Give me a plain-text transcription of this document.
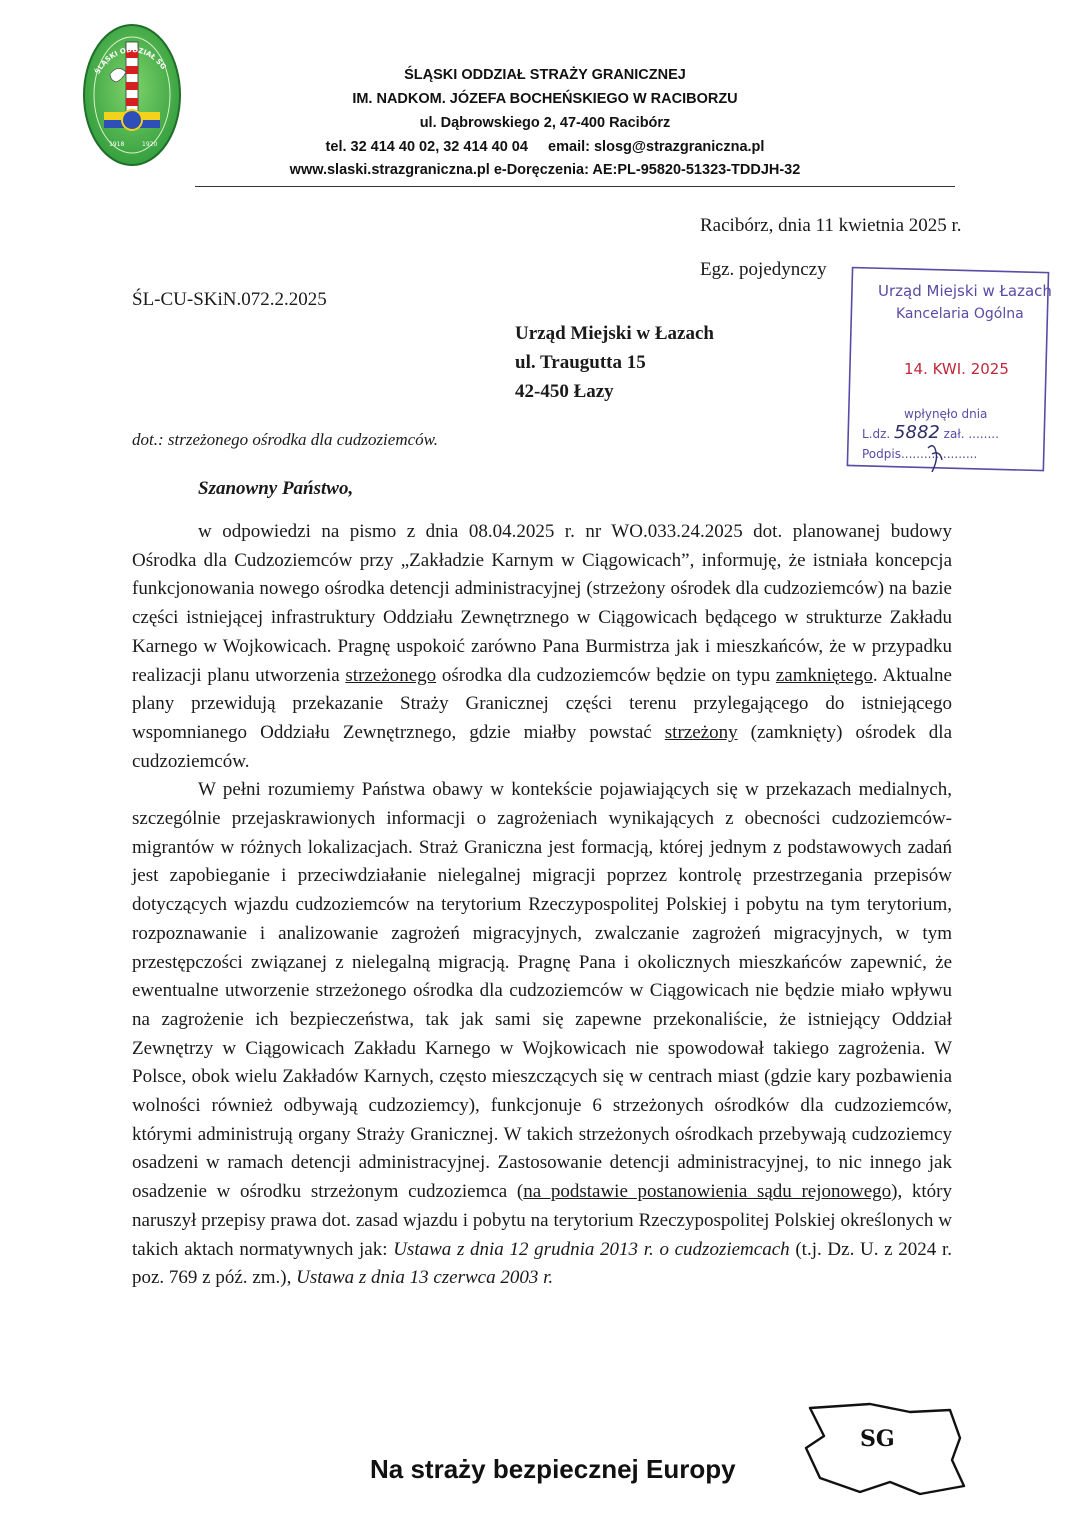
1918	1920
ŚLĄSKI ODDZIAŁ SG
ŚLĄSKI ODDZIAŁ STRAŻY GRANICZNEJ
IM. NADKOM. JÓZEFA BOCHEŃSKIEGO W RACIBORZU
ul. Dąbrowskiego 2, 47-400 Racibórz
tel. 32 414 40 02, 32 414 40 04     email: slosg@strazgraniczna.pl
www.slaski.strazgraniczna.pl e-Doręczenia: AE:PL-95820-51323-TDDJH-32
Racibórz, dnia 11 kwietnia 2025 r.
Egz. pojedynczy
ŚL-CU-SKiN.072.2.2025
Urząd Miejski w Łazach
ul. Traugutta 15
42-450 Łazy
dot.: strzeżonego ośrodka dla cudzoziemców.
Szanowny Państwo,
Urząd Miejski w Łazach
Kancelaria Ogólna
14. KWI. 2025
wpłynęło dnia
L.dz. 5882 zał. ........
Podpis....................

w odpowiedzi na pismo z dnia 08.04.2025 r. nr WO.033.24.2025 dot. planowanej budowy Ośrodka dla Cudzoziemców przy „Zakładzie Karnym w Ciągowicach”, informuję, że istniała koncepcja funkcjonowania nowego ośrodka detencji administracyjnej (strzeżony ośrodek dla cudzoziemców) na bazie części istniejącej infrastruktury Oddziału Zewnętrznego w Ciągowicach będącego w strukturze Zakładu Karnego w Wojkowicach. Pragnę uspokoić zarówno Pana Burmistrza jak i mieszkańców, że w przypadku realizacji planu utworzenia strzeżonego ośrodka dla cudzoziemców będzie on typu zamkniętego. Aktualne plany przewidują przekazanie Straży Granicznej części terenu przylegającego do istniejącego wspomnianego Oddziału Zewnętrznego, gdzie miałby powstać strzeżony (zamknięty) ośrodek dla cudzoziemców.

W pełni rozumiemy Państwa obawy w kontekście pojawiających się w przekazach medialnych, szczególnie przejaskrawionych informacji o zagrożeniach wynikających z obecności cudzoziemców-migrantów w różnych lokalizacjach. Straż Graniczna jest formacją, której jednym z podstawowych zadań jest zapobieganie i przeciwdziałanie nielegalnej migracji poprzez kontrolę przestrzegania przepisów dotyczących wjazdu cudzoziemców na terytorium Rzeczypospolitej Polskiej i pobytu na tym terytorium, rozpoznawanie i analizowanie zagrożeń migracyjnych, zwalczanie zagrożeń migracyjnych, w tym przestępczości związanej z nielegalną migracją. Pragnę Pana i okolicznych mieszkańców zapewnić, że ewentualne utworzenie strzeżonego ośrodka dla cudzoziemców w Ciągowicach nie będzie miało wpływu na zagrożenie ich bezpieczeństwa, tak jak sami się zapewne przekonaliście, że istniejący Oddział Zewnętrzy w Ciągowicach Zakładu Karnego w Wojkowicach nie spowodował takiego zagrożenia. W Polsce, obok wielu Zakładów Karnych, często mieszczących się w centrach miast (gdzie kary pozbawienia wolności również odbywają cudzoziemcy), funkcjonuje 6 strzeżonych ośrodków dla cudzoziemców, którymi administrują organy Straży Granicznej. W takich strzeżonych ośrodkach przebywają cudzoziemcy osadzeni w ramach detencji administracyjnej. Zastosowanie detencji administracyjnej, to nic innego jak osadzenie w ośrodku strzeżonym cudzoziemca (na podstawie postanowienia sądu rejonowego), który naruszył przepisy prawa dot. zasad wjazdu i pobytu na terytorium Rzeczypospolitej Polskiej określonych w takich aktach normatywnych jak: Ustawa z dnia 12 grudnia 2013 r. o cudzoziemcach (t.j. Dz. U. z 2024 r. poz. 769 z póź. zm.), Ustawa z dnia 13 czerwca 2003 r.

Na straży bezpiecznej Europy
SG
